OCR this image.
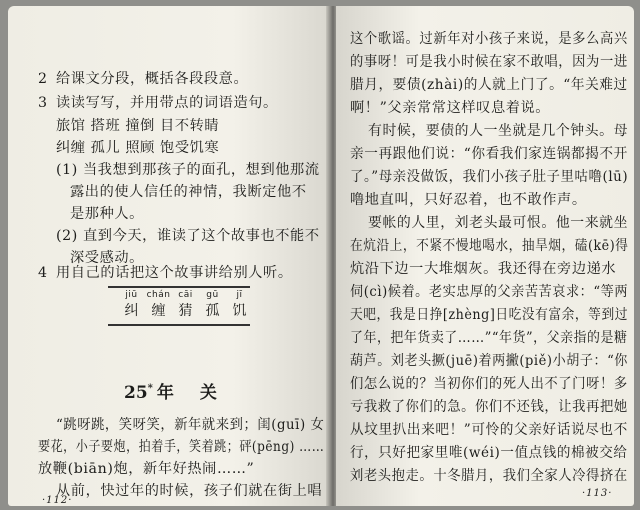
2 给课文分段，概括各段段意。
3 读读写写，并用带点的词语造句。
旅馆 搭班 撞倒 目不转睛
纠缠 孤儿 照顾 饱受饥寒
(1) 当我想到那孩子的面孔，想到他那流
露出的使人信任的神情，我断定他不
是那种人。
(2) 直到今天，谁读了这个故事也不能不
深受感动。
4 用自己的话把这个故事讲给别人听。
jiū chán cāi gū jī
纠 缠 猜 孤 饥
25* 年 关
“跳呀跳，笑呀笑，新年就来到；闺(guī) 女
要花，小子要炮，拍着手，笑着跳；砰(pēng) ……
放鞭(biān)炮，新年好热闹……”
从前，快过年的时候，孩子们就在街上唱
·112·
这个歌谣。过新年对小孩子来说，是多么高兴
的事呀！可是我小时候在家不敢唱，因为一进
腊月，要债(zhài)的人就上门了。“年关难过
啊！”父亲常常这样叹息着说。
有时候，要债的人一坐就是几个钟头。母
亲一再跟他们说：“你看我们家连锅都揭不开
了。”母亲没做饭，我们小孩子肚子里咕噜(lū)
噜地直叫，只好忍着，也不敢作声。
要帐的人里，刘老头最可恨。他一来就坐
在炕沿上，不紧不慢地喝水，抽旱烟，磕(kē)得
炕沿下边一大堆烟灰。我还得在旁边递水
伺(cì)候着。老实忠厚的父亲苦苦哀求：“等两
天吧，我是日挣[zhèng]日吃没有富余，等到过
了年，把年货卖了……”“年货”，父亲指的是糖
葫芦。刘老头撅(juē)着两撇(piě)小胡子：“你
们怎么说的？当初你们的死人出不了门呀！多
亏我救了你们的急。你们不还钱，让我再把她
从坟里扒出来吧！”可怜的父亲好话说尽也不
行，只好把家里唯(wéi)一值点钱的棉被交给
刘老头抱走。十冬腊月，我们全家人冷得挤在
·113·
